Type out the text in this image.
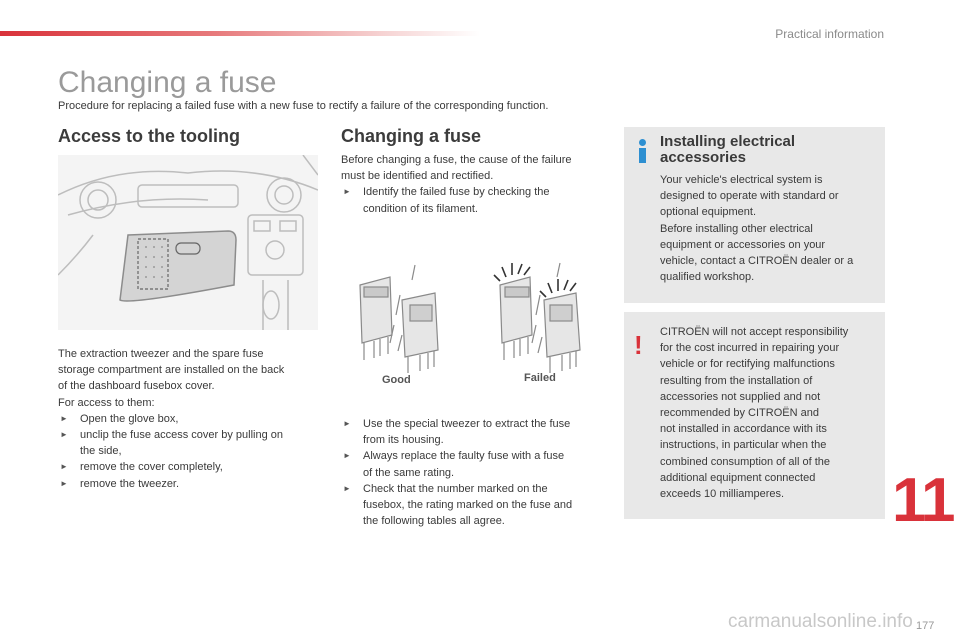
Practical information
Changing a fuse
Procedure for replacing a failed fuse with a new fuse to rectify a failure of the corresponding function.
Access to the tooling
The extraction tweezer and the spare fuse
storage compartment are installed on the back
of the dashboard fusebox cover.
For access to them:
► Open the glove box,
► unclip the fuse access cover by pulling on
the side,
► remove the cover completely,
► remove the tweezer.
Changing a fuse
Before changing a fuse, the cause of the failure
must be identified and rectified.
► Identify the failed fuse by checking the
condition of its filament.
Good	Failed
► Use the special tweezer to extract the fuse
from its housing.
► Always replace the faulty fuse with a fuse
of the same rating.
► Check that the number marked on the
fusebox, the rating marked on the fuse and
the following tables all agree.
Installing electrical
accessories
Your vehicle's electrical system is
designed to operate with standard or
optional equipment.
Before installing other electrical
equipment or accessories on your
vehicle, contact a CITROËN dealer or a
qualified workshop.
! CITROËN will not accept responsibility
for the cost incurred in repairing your
vehicle or for rectifying malfunctions
resulting from the installation of
accessories not supplied and not
recommended by CITROËN and
not installed in accordance with its
instructions, in particular when the
combined consumption of all of the
additional equipment connected
exceeds 10 milliamperes.	11
carmanualsonline.info 177
